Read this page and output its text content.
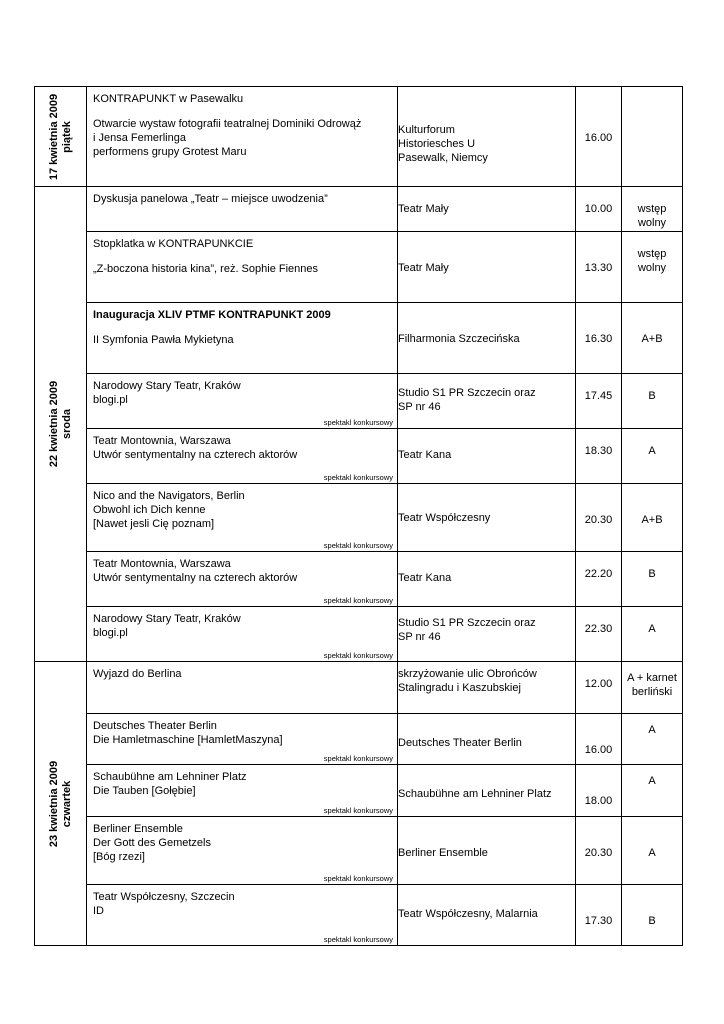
17 kwietnia 2009 piątek	KONTRAPUNKT w Pasewalku
Otwarcie wystaw fotografii teatralnej Dominiki Odrowąż
i Jensa Femerlinga
performens grupy Grotest Maru	Kulturforum
Historiesches U
Pasewalk, Niemcy	16.00	

22 kwietnia 2009 sroda	Dyskusja panelowa „Teatr – miejsce uwodzenia”	Teatr Mały	10.00	wstęp
wolny

	Stopklatka w KONTRAPUNKCIE
„Z-boczona historia kina”, reż. Sophie Fiennes	Teatr Mały	13.30	wstęp
wolny

	Inauguracja XLIV PTMF KONTRAPUNKT 2009
II Symfonia Pawła Mykietyna	Filharmonia Szczecińska	16.30	A+B

	Narodowy Stary Teatr, Kraków
blogi.pl
spektakl konkursowy	Studio S1 PR Szczecin oraz
SP nr 46	17.45	B

	Teatr Montownia, Warszawa
Utwór sentymentalny na czterech aktorów
spektakl konkursowy	Teatr Kana	18.30	A

	Nico and the Navigators, Berlin
Obwohl ich Dich kenne
[Nawet jesli Cię poznam]
spektakl konkursowy	Teatr Współczesny	20.30	A+B

	Teatr Montownia, Warszawa
Utwór sentymentalny na czterech aktorów
spektakl konkursowy	Teatr Kana	22.20	B

	Narodowy Stary Teatr, Kraków
blogi.pl
spektakl konkursowy	Studio S1 PR Szczecin oraz
SP nr 46	22.30	A

23 kwietnia 2009 czwartek	Wyjazd do Berlina	skrzyżowanie ulic Obrońców
Stalingradu i Kaszubskiej	12.00	A + karnet
berliński

	Deutsches Theater Berlin
Die Hamletmaschine [HamletMaszyna]
spektakl konkursowy	Deutsches Theater Berlin	16.00	A

	Schaubühne am Lehniner Platz
Die Tauben [Gołębie]
spektakl konkursowy	Schaubühne am Lehniner Platz	18.00	A

	Berliner Ensemble
Der Gott des Gemetzels
[Bóg rzezi]
spektakl konkursowy	Berliner Ensemble	20.30	A

	Teatr Współczesny, Szczecin
ID
spektakl konkursowy	Teatr Współczesny, Malarnia	17.30	B
